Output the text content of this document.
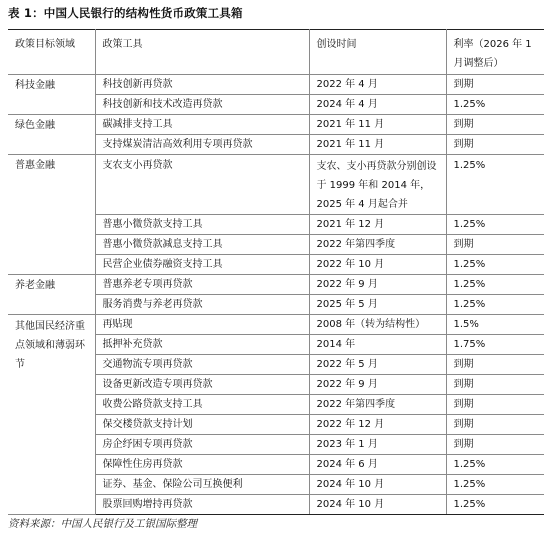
表 1：中国人民银行的结构性货币政策工具箱
政策目标领域	政策工具	创设时间	利率（2026 年 1 月调整后）
科技金融	科技创新再贷款	2022 年 4 月	到期
	科技创新和技术改造再贷款	2024 年 4 月	1.25%
绿色金融	碳减排支持工具	2021 年 11 月	到期
	支持煤炭清洁高效利用专项再贷款	2021 年 11 月	到期
普惠金融	支农支小再贷款	支农、支小再贷款分别创设于 1999 年和 2014 年，2025 年 4 月起合并	1.25%
	普惠小微贷款支持工具	2021 年 12 月	1.25%
	普惠小微贷款减息支持工具	2022 年第四季度	到期
	民营企业债券融资支持工具	2022 年 10 月	1.25%
养老金融	普惠养老专项再贷款	2022 年 9 月	1.25%
	服务消费与养老再贷款	2025 年 5 月	1.25%
其他国民经济重点领域和薄弱环节	再贴现	2008 年（转为结构性）	1.5%
	抵押补充贷款	2014 年	1.75%
	交通物流专项再贷款	2022 年 5 月	到期
	设备更新改造专项再贷款	2022 年 9 月	到期
	收费公路贷款支持工具	2022 年第四季度	到期
	保交楼贷款支持计划	2022 年 12 月	到期
	房企纾困专项再贷款	2023 年 1 月	到期
	保障性住房再贷款	2024 年 6 月	1.25%
	证券、基金、保险公司互换便利	2024 年 10 月	1.25%
	股票回购增持再贷款	2024 年 10 月	1.25%
资料来源：中国人民银行及工银国际整理
